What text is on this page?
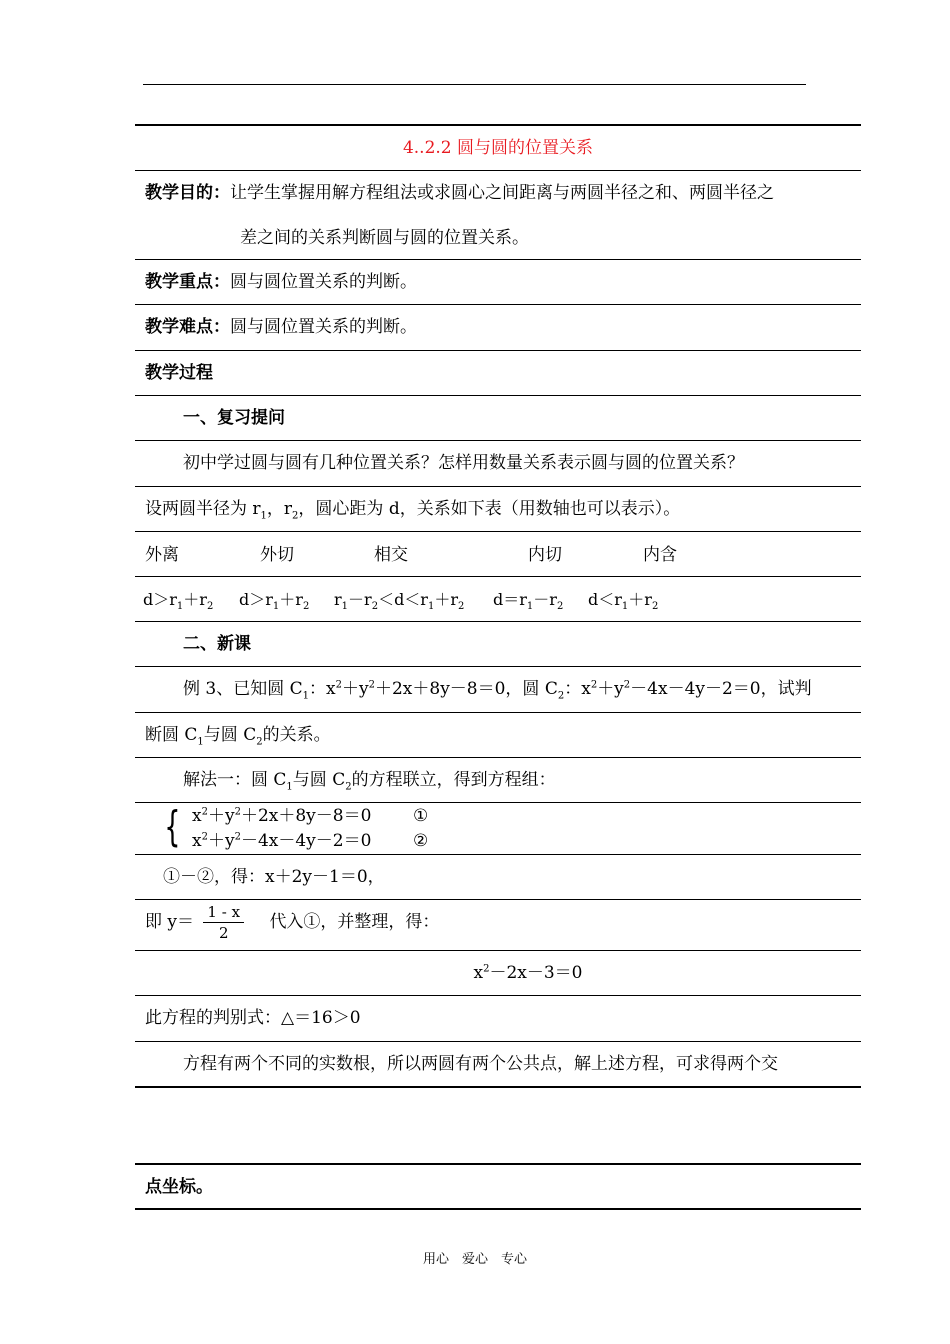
4..2.2 圆与圆的位置关系
教学目的：让学生掌握用解方程组法或求圆心之间距离与两圆半径之和、两圆半径之
差之间的关系判断圆与圆的位置关系。
教学重点：圆与圆位置关系的判断。
教学难点：圆与圆位置关系的判断。
教学过程
一、复习提问
初中学过圆与圆有几种位置关系？怎样用数量关系表示圆与圆的位置关系？
设两圆半径为 $r_1$，$r_2$，圆心距为 d，关系如下表（用数轴也可以表示）。
外离	外切	相交	内切	内含
$d>r_1+r_2$ $d>r_1+r_2$ $r_1-r_2<d<r_1+r_2$ $d=r_1-r_2$ $d<r_1+r_2$
二、新课
例 3、已知圆 $C_1$：$x^2+y^2+2x+8y-8=0$，圆 $C_2$：$x^2+y^2-4x-4y-2=0$，试判
断圆 $C_1$与圆 $C_2$的关系。
解法一：圆 $C_1$与圆 $C_2$的方程联立，得到方程组：
{ $x^2+y^2+2x+8y-8=0$ ①
$x^2+y^2-4x-4y-2=0$ ②
①－②，得：x＋2y－1＝0，
即 $y= \frac{1 - x}{2}$ 代入①，并整理，得：
$x^2-2x-3=0$
此方程的判别式：△＝16＞0
方程有两个不同的实数根，所以两圆有两个公共点，解上述方程，可求得两个交
点坐标。
用心　爱心　专心
